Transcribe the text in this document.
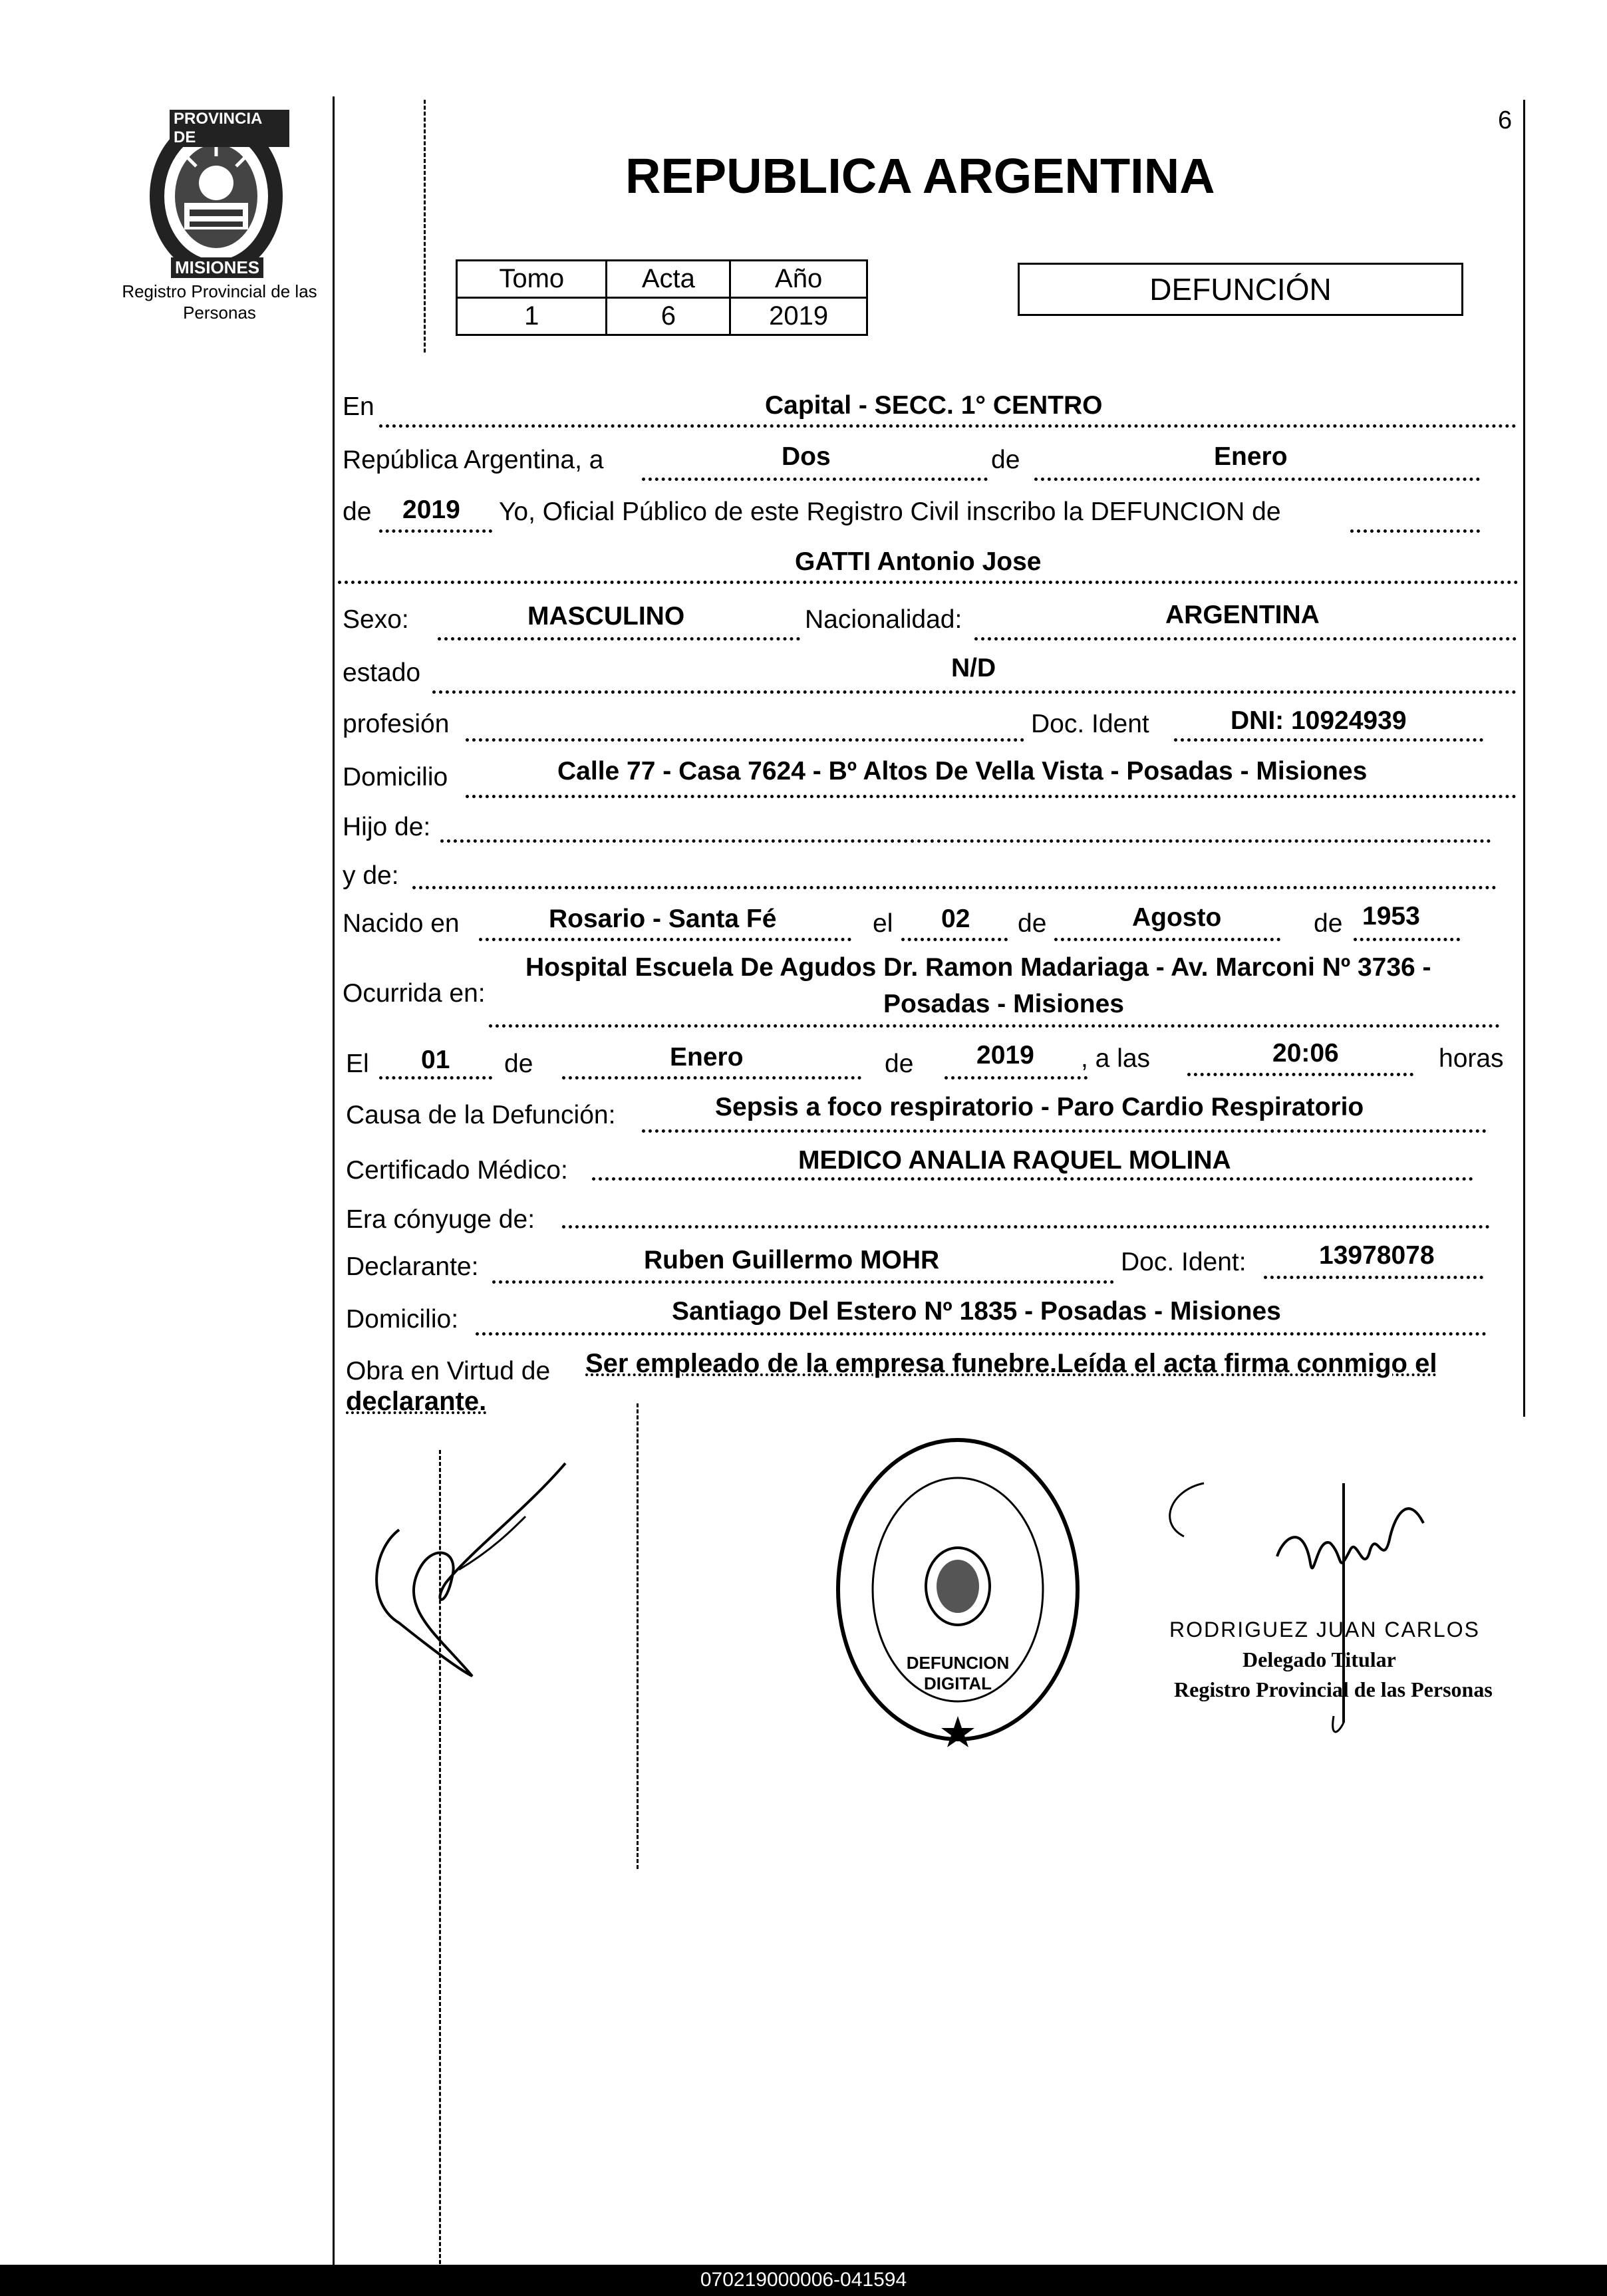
PROVINCIA DE
MISIONES
Registro Provincial de las Personas
REPUBLICA ARGENTINA
6
Tomo	Acta	Año
1	6	2019
DEFUNCIÓN
En	Capital - SECC. 1° CENTRO
República Argentina, a	Dos	de	Enero
de 2019 Yo, Oficial Público de este Registro Civil inscribo la DEFUNCION de
GATTI Antonio Jose
Sexo:	MASCULINO	Nacionalidad:	ARGENTINA
estado	N/D
profesión	Doc. Ident	DNI: 10924939
Domicilio	Calle 77 - Casa 7624 - Bº Altos De Vella Vista - Posadas - Misiones
Hijo de:
y de:
Nacido en	Rosario - Santa Fé	el 02 de	Agosto	de 1953
Hospital Escuela De Agudos Dr. Ramon Madariaga - Av. Marconi Nº 3736 -
Ocurrida en:	Posadas - Misiones
El 01 de	Enero	de 2019 , a las	20:06	horas
Causa de la Defunción:	Sepsis a foco respiratorio - Paro Cardio Respiratorio
Certificado Médico:	MEDICO ANALIA RAQUEL MOLINA
Era cónyuge de:
Declarante:	Ruben Guillermo MOHR	Doc. Ident:	13978078
Domicilio:	Santiago Del Estero Nº 1835 - Posadas - Misiones
Obra en Virtud de Ser empleado de la empresa funebre.Leída el acta firma conmigo el
declarante.
DEFUNCION DIGITAL
RODRIGUEZ JUAN CARLOS
Delegado Titular
Registro Provincial de las Personas
070219000006-041594
